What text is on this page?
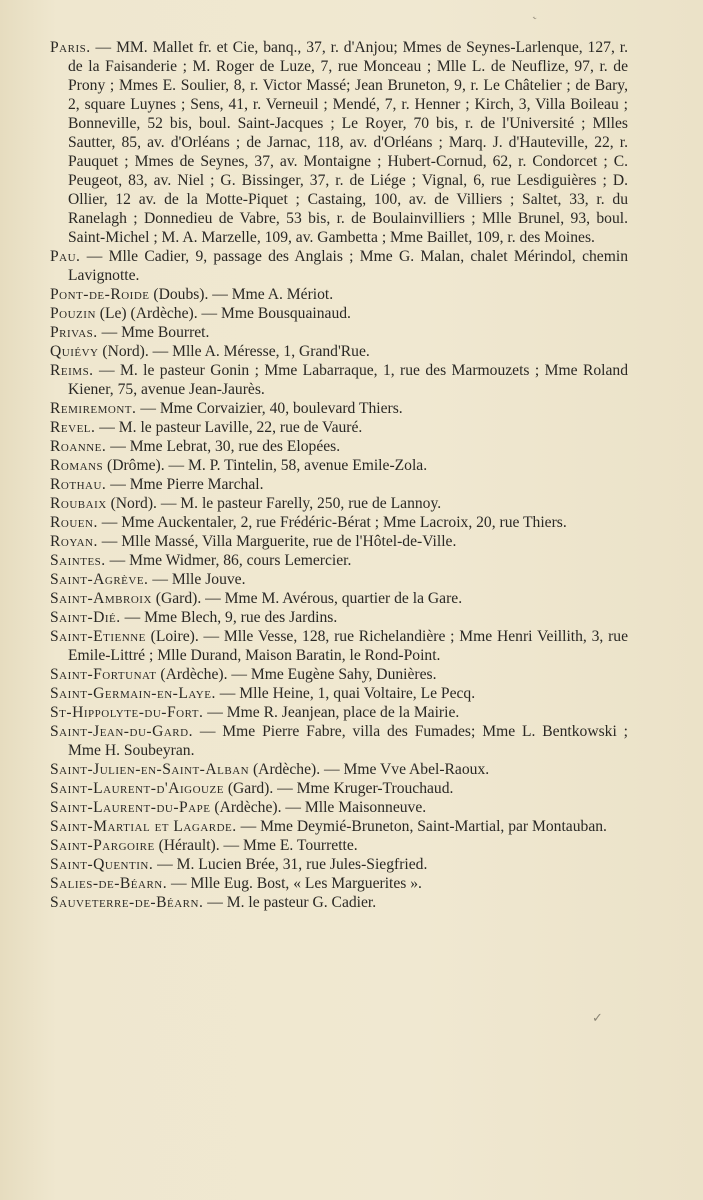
Paris. — MM. Mallet fr. et Cie, banq., 37, r. d'Anjou; Mmes de Seynes-Larlenque, 127, r. de la Faisanderie ; M. Roger de Luze, 7, rue Monceau ; Mlle L. de Neuflize, 97, r. de Prony ; Mmes E. Soulier, 8, r. Victor Massé; Jean Bruneton, 9, r. Le Châtelier ; de Bary, 2, square Luynes ; Sens, 41, r. Verneuil ; Mendé, 7, r. Henner ; Kirch, 3, Villa Boileau ; Bonneville, 52 bis, boul. Saint-Jacques ; Le Royer, 70 bis, r. de l'Université ; Mlles Sautter, 85, av. d'Orléans ; de Jarnac, 118, av. d'Orléans ; Marq. J. d'Hauteville, 22, r. Pauquet ; Mmes de Seynes, 37, av. Montaigne ; Hubert-Cornud, 62, r. Condorcet ; C. Peugeot, 83, av. Niel ; G. Bissinger, 37, r. de Liége ; Vignal, 6, rue Lesdiguières ; D. Ollier, 12 av. de la Motte-Piquet ; Castaing, 100, av. de Villiers ; Saltet, 33, r. du Ranelagh ; Donnedieu de Vabre, 53 bis, r. de Boulainvilliers ; Mlle Brunel, 93, boul. Saint-Michel ; M. A. Marzelle, 109, av. Gambetta ; Mme Baillet, 109, r. des Moines.

Pau. — Mlle Cadier, 9, passage des Anglais ; Mme G. Malan, chalet Mérindol, chemin Lavignotte.

Pont-de-Roide (Doubs). — Mme A. Mériot.

Pouzin (Le) (Ardèche). — Mme Bousquainaud.

Privas. — Mme Bourret.

Quiévy (Nord). — Mlle A. Méresse, 1, Grand'Rue.

Reims. — M. le pasteur Gonin ; Mme Labarraque, 1, rue des Marmouzets ; Mme Roland Kiener, 75, avenue Jean-Jaurès.

Remiremont. — Mme Corvaizier, 40, boulevard Thiers.

Revel. — M. le pasteur Laville, 22, rue de Vauré.

Roanne. — Mme Lebrat, 30, rue des Elopées.

Romans (Drôme). — M. P. Tintelin, 58, avenue Emile-Zola.

Rothau. — Mme Pierre Marchal.

Roubaix (Nord). — M. le pasteur Farelly, 250, rue de Lannoy.

Rouen. — Mme Auckentaler, 2, rue Frédéric-Bérat ; Mme Lacroix, 20, rue Thiers.

Royan. — Mlle Massé, Villa Marguerite, rue de l'Hôtel-de-Ville.

Saintes. — Mme Widmer, 86, cours Lemercier.

Saint-Agrève. — Mlle Jouve.

Saint-Ambroix (Gard). — Mme M. Avérous, quartier de la Gare.

Saint-Dié. — Mme Blech, 9, rue des Jardins.

Saint-Etienne (Loire). — Mlle Vesse, 128, rue Richelandière ; Mme Henri Veillith, 3, rue Emile-Littré ; Mlle Durand, Maison Baratin, le Rond-Point.

Saint-Fortunat (Ardèche). — Mme Eugène Sahy, Dunières.

Saint-Germain-en-Laye. — Mlle Heine, 1, quai Voltaire, Le Pecq.

St-Hippolyte-du-Fort. — Mme R. Jeanjean, place de la Mairie.

Saint-Jean-du-Gard. — Mme Pierre Fabre, villa des Fumades; Mme L. Bentkowski ; Mme H. Soubeyran.

Saint-Julien-en-Saint-Alban (Ardèche). — Mme Vve Abel-Raoux.

Saint-Laurent-d'Aigouze (Gard). — Mme Kruger-Trouchaud.

Saint-Laurent-du-Pape (Ardèche). — Mlle Maisonneuve.

Saint-Martial et Lagarde. — Mme Deymié-Bruneton, Saint-Martial, par Montauban.

Saint-Pargoire (Hérault). — Mme E. Tourrette.

Saint-Quentin. — M. Lucien Brée, 31, rue Jules-Siegfried.

Salies-de-Béarn. — Mlle Eug. Bost, « Les Marguerites ».

Sauveterre-de-Béarn. — M. le pasteur G. Cadier.

˞
✓
